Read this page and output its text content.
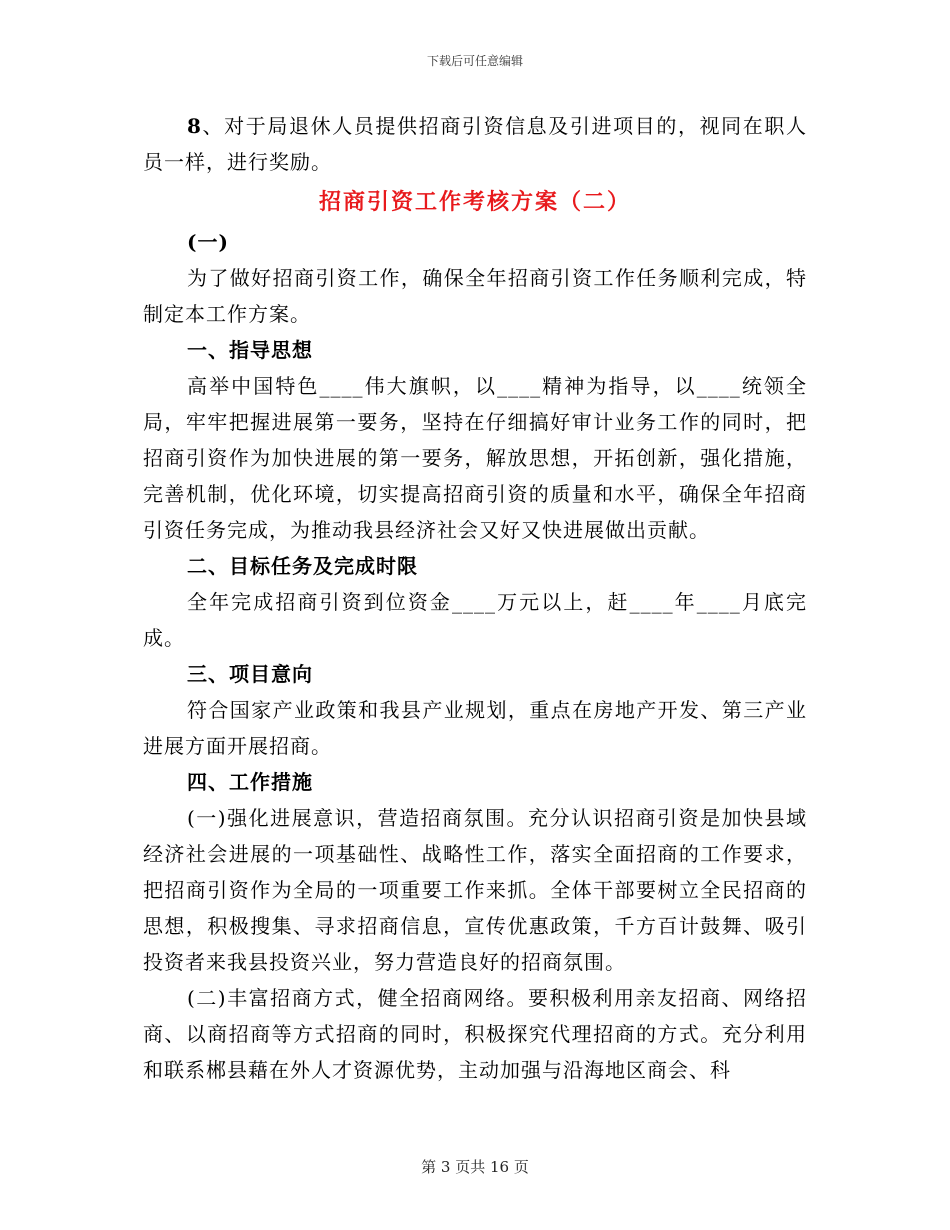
下载后可任意编辑

8、对于局退休人员提供招商引资信息及引进项目的，视同在职人员一样，进行奖励。

招商引资工作考核方案（二）

(一)

为了做好招商引资工作，确保全年招商引资工作任务顺利完成，特制定本工作方案。

一、指导思想

高举中国特色____伟大旗帜，以____精神为指导，以____统领全局，牢牢把握进展第一要务，坚持在仔细搞好审计业务工作的同时，把招商引资作为加快进展的第一要务，解放思想，开拓创新，强化措施，完善机制，优化环境，切实提高招商引资的质量和水平，确保全年招商引资任务完成，为推动我县经济社会又好又快进展做出贡献。

二、目标任务及完成时限

全年完成招商引资到位资金____万元以上，赶____年____月底完成。

三、项目意向

符合国家产业政策和我县产业规划，重点在房地产开发、第三产业进展方面开展招商。

四、工作措施

(一)强化进展意识，营造招商氛围。充分认识招商引资是加快县域经济社会进展的一项基础性、战略性工作，落实全面招商的工作要求，把招商引资作为全局的一项重要工作来抓。全体干部要树立全民招商的思想，积极搜集、寻求招商信息，宣传优惠政策，千方百计鼓舞、吸引投资者来我县投资兴业，努力营造良好的招商氛围。

(二)丰富招商方式，健全招商网络。要积极利用亲友招商、网络招商、以商招商等方式招商的同时，积极探究代理招商的方式。充分利用和联系郴县藉在外人才资源优势，主动加强与沿海地区商会、科

第 3 页共 16 页
